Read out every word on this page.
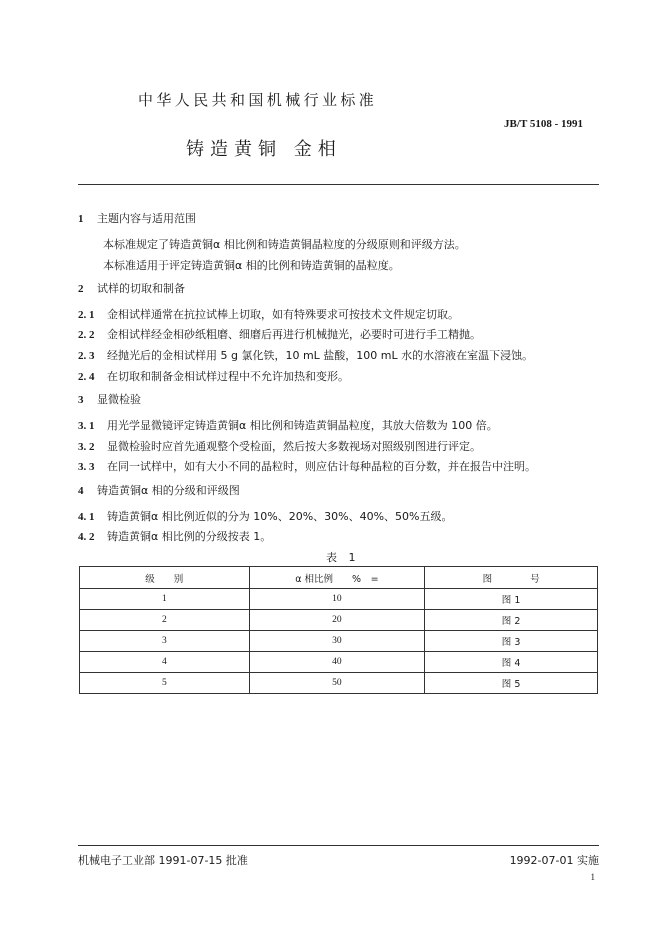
中华人民共和国机械行业标准
JB/T 5108 - 1991
铸造黄铜 金相
1 主题内容与适用范围
本标准规定了铸造黄铜α 相比例和铸造黄铜晶粒度的分级原则和评级方法。
本标准适用于评定铸造黄铜α 相的比例和铸造黄铜的晶粒度。
2 试样的切取和制备
2. 1 金相试样通常在抗拉试棒上切取，如有特殊要求可按技术文件规定切取。
2. 2 金相试样经金相砂纸粗磨、细磨后再进行机械抛光，必要时可进行手工精抛。
2. 3 经抛光后的金相试样用 5 g 氯化铁，10 mL 盐酸，100 mL 水的水溶液在室温下浸蚀。
2. 4 在切取和制备金相试样过程中不允许加热和变形。
3 显微检验
3. 1 用光学显微镜评定铸造黄铜α 相比例和铸造黄铜晶粒度，其放大倍数为 100 倍。
3. 2 显微检验时应首先通观整个受检面，然后按大多数视场对照级别图进行评定。
3. 3 在同一试样中，如有大小不同的晶粒时，则应估计每种晶粒的百分数，并在报告中注明。
4 铸造黄铜α 相的分级和评级图
4. 1 铸造黄铜α 相比例近似的分为 10%、20%、30%、40%、50%五级。
4. 2 铸造黄铜α 相比例的分级按表 1。
表 1
级　　别	α 相比例　　%　=	图　　　　号
1	10	图 1
2	20	图 2
3	30	图 3
4	40	图 4
5	50	图 5
机械电子工业部 1991-07-15 批准	1992-07-01 实施
1
